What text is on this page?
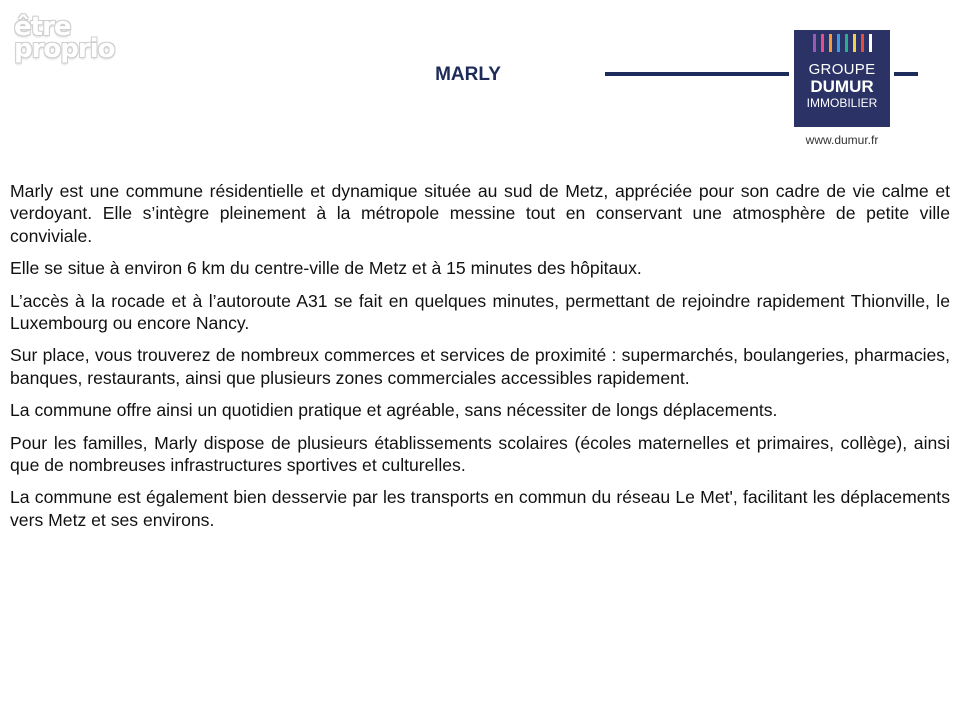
être
proprio
MARLY	GROUPE
DUMUR
IMMOBILIER
www.dumur.fr

Marly est une commune résidentielle et dynamique située au sud de Metz, appréciée pour son cadre de vie calme et verdoyant. Elle s’intègre pleinement à la métropole messine tout en conservant une atmosphère de petite ville conviviale.

Elle se situe à environ 6 km du centre-ville de Metz et à 15 minutes des hôpitaux.

L’accès à la rocade et à l’autoroute A31 se fait en quelques minutes, permettant de rejoindre rapidement Thionville, le Luxembourg ou encore Nancy.

Sur place, vous trouverez de nombreux commerces et services de proximité : supermarchés, boulangeries, pharmacies, banques, restaurants, ainsi que plusieurs zones commerciales accessibles rapidement.

La commune offre ainsi un quotidien pratique et agréable, sans nécessiter de longs déplacements.

Pour les familles, Marly dispose de plusieurs établissements scolaires (écoles maternelles et primaires, collège), ainsi que de nombreuses infrastructures sportives et culturelles.

La commune est également bien desservie par les transports en commun du réseau Le Met', facilitant les déplacements vers Metz et ses environs.
